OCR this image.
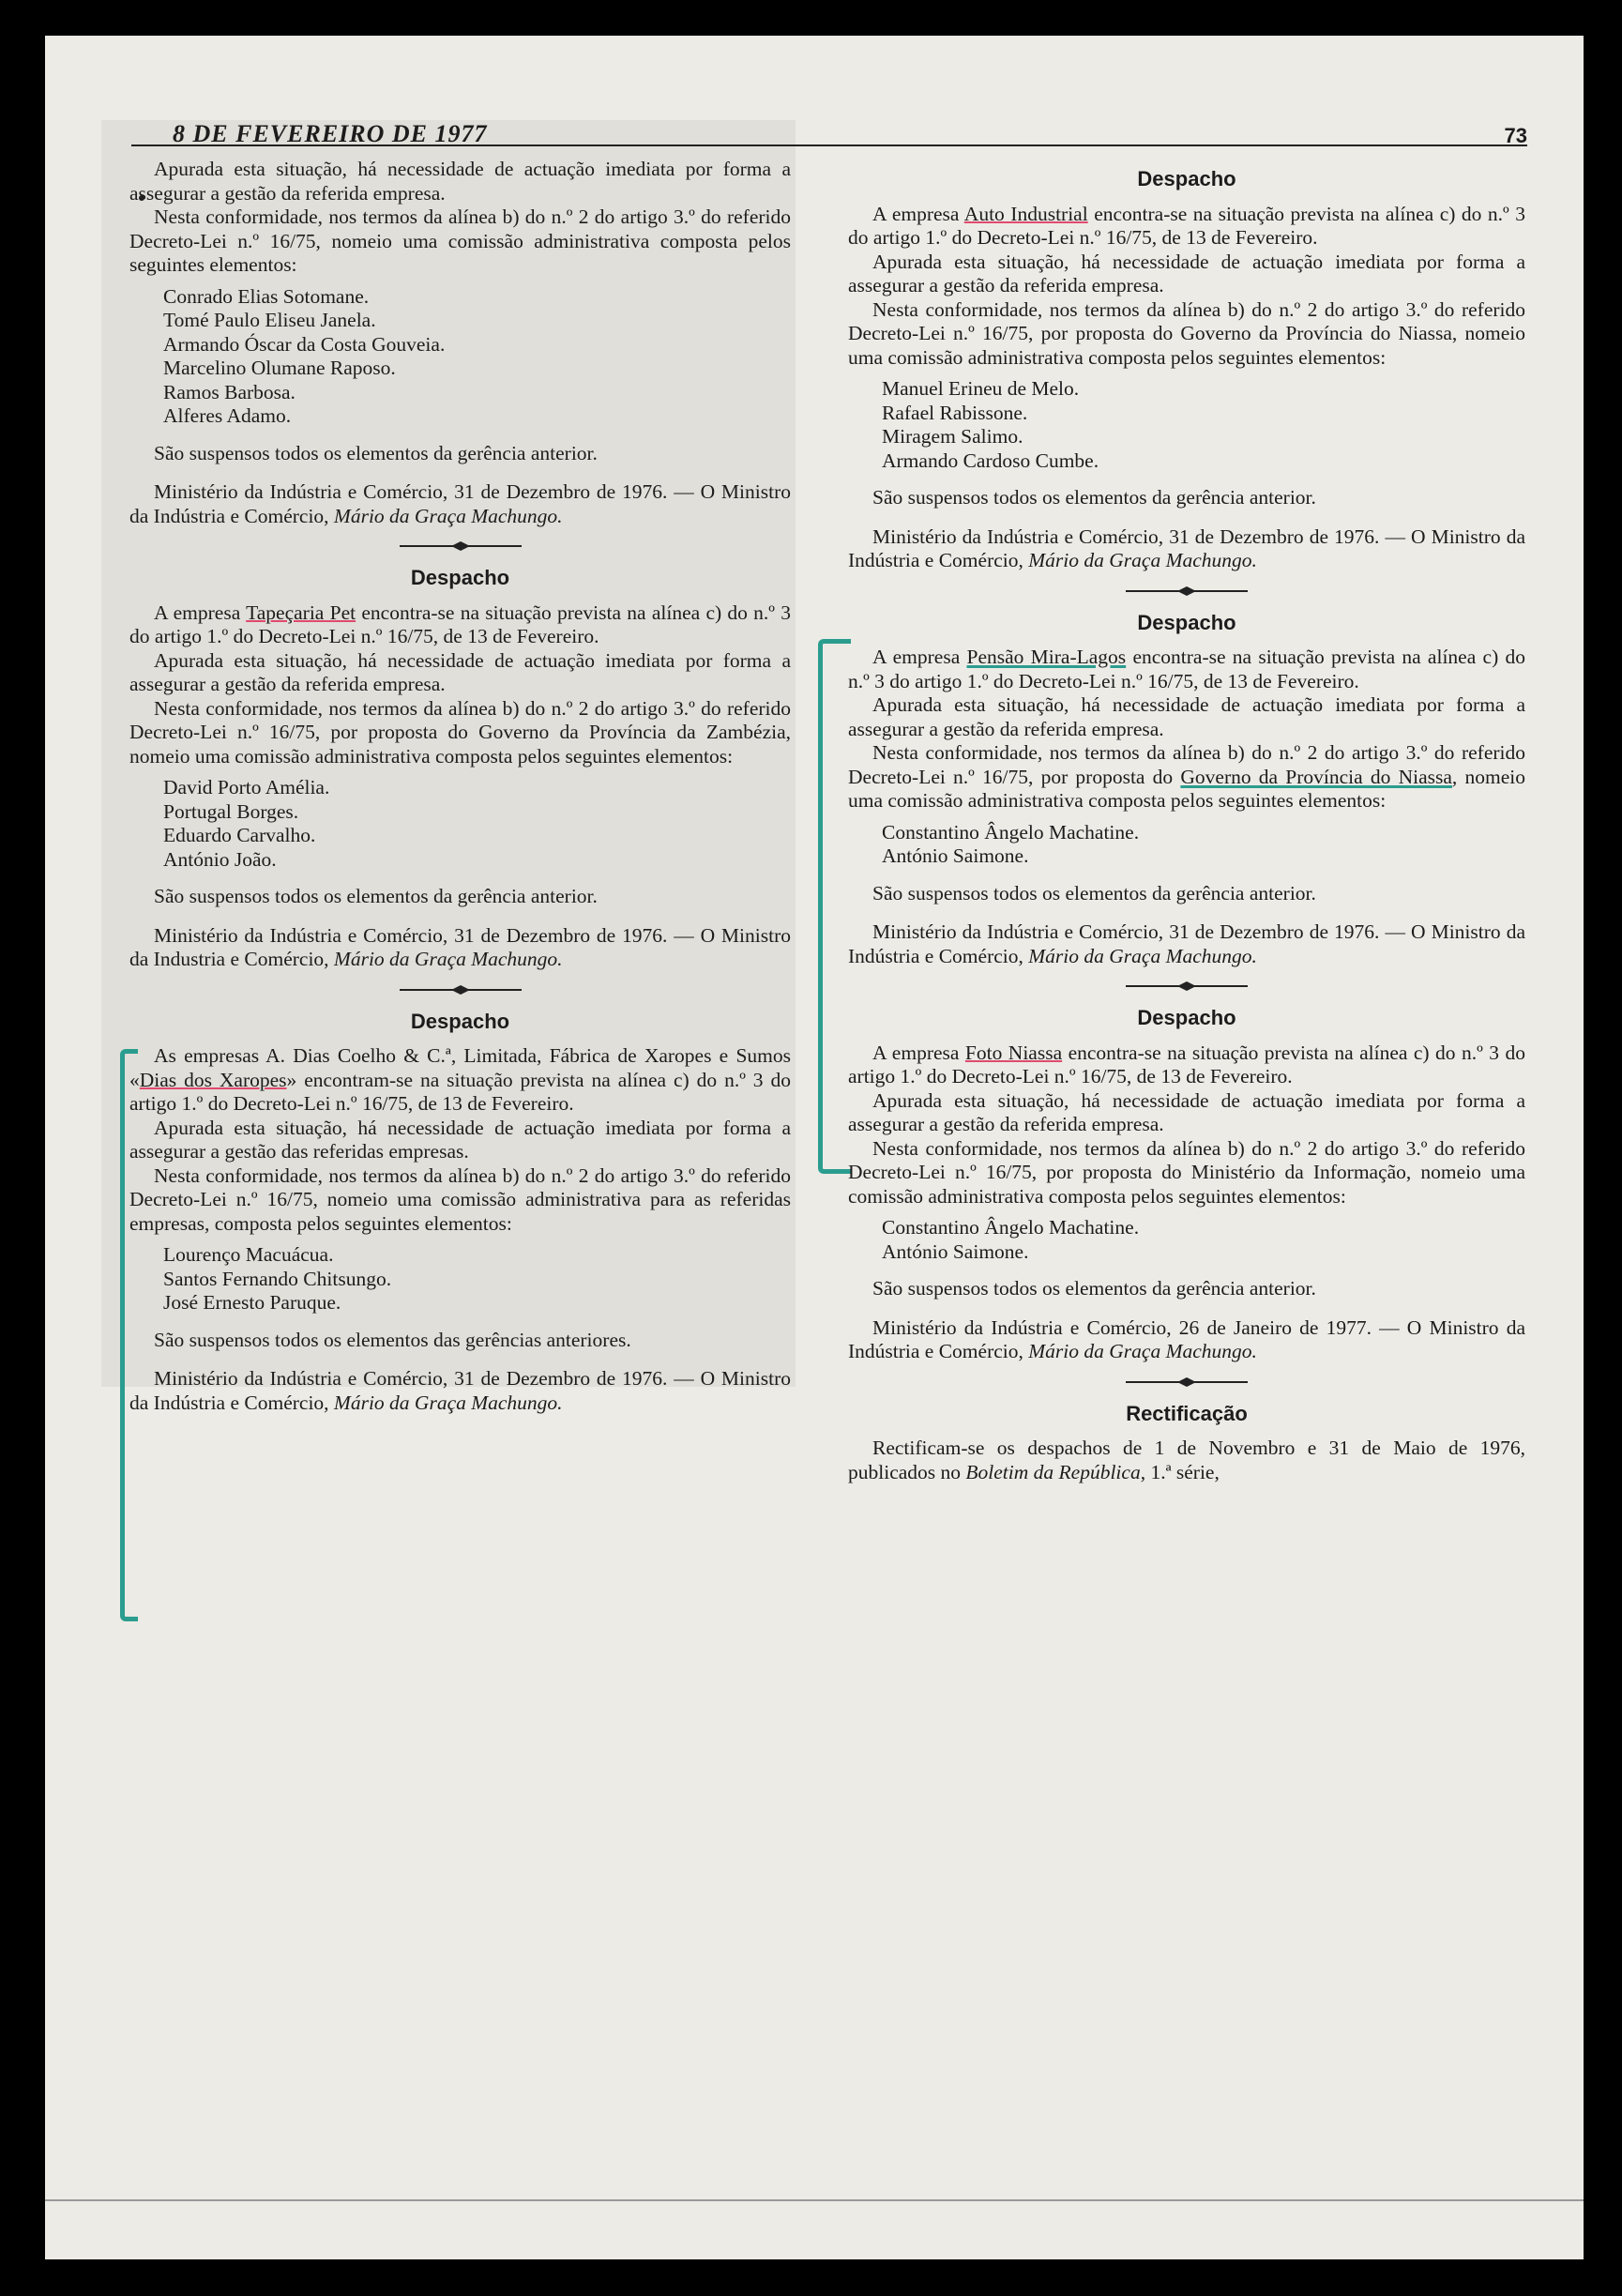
8 DE FEVEREIRO DE 1977	73

Apurada esta situação, há necessidade de actuação imediata por forma a assegurar a gestão da referida empresa.

Nesta conformidade, nos termos da alínea b) do n.º 2 do artigo 3.º do referido Decreto-Lei n.º 16/75, nomeio uma comissão administrativa composta pelos seguintes elementos:

Conrado Elias Sotomane.
Tomé Paulo Eliseu Janela.
Armando Óscar da Costa Gouveia.
Marcelino Olumane Raposo.
Ramos Barbosa.
Alferes Adamo.

São suspensos todos os elementos da gerência anterior.

Ministério da Indústria e Comércio, 31 de Dezembro de 1976. — O Ministro da Indústria e Comércio, Mário da Graça Machungo.

Despacho

A empresa Tapeçaria Pet encontra-se na situação prevista na alínea c) do n.º 3 do artigo 1.º do Decreto-Lei n.º 16/75, de 13 de Fevereiro.

Apurada esta situação, há necessidade de actuação imediata por forma a assegurar a gestão da referida empresa.

Nesta conformidade, nos termos da alínea b) do n.º 2 do artigo 3.º do referido Decreto-Lei n.º 16/75, por proposta do Governo da Província da Zambézia, nomeio uma comissão administrativa composta pelos seguintes elementos:

David Porto Amélia.
Portugal Borges.
Eduardo Carvalho.
António João.

São suspensos todos os elementos da gerência anterior.

Ministério da Indústria e Comércio, 31 de Dezembro de 1976. — O Ministro da Industria e Comércio, Mário da Graça Machungo.

Despacho

As empresas A. Dias Coelho & C.ª, Limitada, Fábrica de Xaropes e Sumos «Dias dos Xaropes» encontram-se na situação prevista na alínea c) do n.º 3 do artigo 1.º do Decreto-Lei n.º 16/75, de 13 de Fevereiro.

Apurada esta situação, há necessidade de actuação imediata por forma a assegurar a gestão das referidas empresas.

Nesta conformidade, nos termos da alínea b) do n.º 2 do artigo 3.º do referido Decreto-Lei n.º 16/75, nomeio uma comissão administrativa para as referidas empresas, composta pelos seguintes elementos:

Lourenço Macuácua.
Santos Fernando Chitsungo.
José Ernesto Paruque.

São suspensos todos os elementos das gerências anteriores.

Ministério da Indústria e Comércio, 31 de Dezembro de 1976. — O Ministro da Indústria e Comércio, Mário da Graça Machungo.

Despacho

A empresa Auto Industrial encontra-se na situação prevista na alínea c) do n.º 3 do artigo 1.º do Decreto-Lei n.º 16/75, de 13 de Fevereiro.

Apurada esta situação, há necessidade de actuação imediata por forma a assegurar a gestão da referida empresa.

Nesta conformidade, nos termos da alínea b) do n.º 2 do artigo 3.º do referido Decreto-Lei n.º 16/75, por proposta do Governo da Província do Niassa, nomeio uma comissão administrativa composta pelos seguintes elementos:

Manuel Erineu de Melo.
Rafael Rabissone.
Miragem Salimo.
Armando Cardoso Cumbe.

São suspensos todos os elementos da gerência anterior.

Ministério da Indústria e Comércio, 31 de Dezembro de 1976. — O Ministro da Indústria e Comércio, Mário da Graça Machungo.

Despacho

A empresa Pensão Mira-Lagos encontra-se na situação prevista na alínea c) do n.º 3 do artigo 1.º do Decreto-Lei n.º 16/75, de 13 de Fevereiro.

Apurada esta situação, há necessidade de actuação imediata por forma a assegurar a gestão da referida empresa.

Nesta conformidade, nos termos da alínea b) do n.º 2 do artigo 3.º do referido Decreto-Lei n.º 16/75, por proposta do Governo da Província do Niassa, nomeio uma comissão administrativa composta pelos seguintes elementos:

Constantino Ângelo Machatine.
António Saimone.

São suspensos todos os elementos da gerência anterior.

Ministério da Indústria e Comércio, 31 de Dezembro de 1976. — O Ministro da Indústria e Comércio, Mário da Graça Machungo.

Despacho

A empresa Foto Niassa encontra-se na situação prevista na alínea c) do n.º 3 do artigo 1.º do Decreto-Lei n.º 16/75, de 13 de Fevereiro.

Apurada esta situação, há necessidade de actuação imediata por forma a assegurar a gestão da referida empresa.

Nesta conformidade, nos termos da alínea b) do n.º 2 do artigo 3.º do referido Decreto-Lei n.º 16/75, por proposta do Ministério da Informação, nomeio uma comissão administrativa composta pelos seguintes elementos:

Constantino Ângelo Machatine.
António Saimone.

São suspensos todos os elementos da gerência anterior.

Ministério da Indústria e Comércio, 26 de Janeiro de 1977. — O Ministro da Indústria e Comércio, Mário da Graça Machungo.

Rectificação

Rectificam-se os despachos de 1 de Novembro e 31 de Maio de 1976, publicados no Boletim da República, 1.ª série,
